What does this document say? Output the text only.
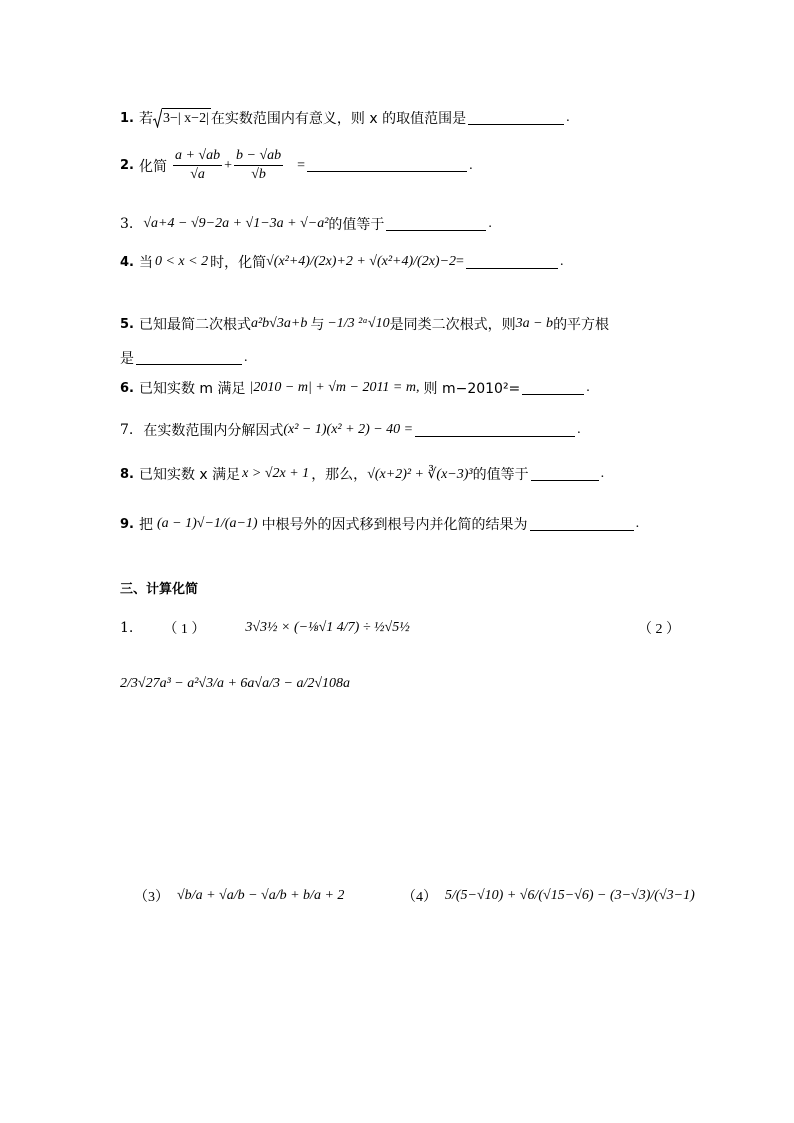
1. 若 3−| x−2| 在实数范围内有意义，则 x 的取值范围是	.
2. 化简 $\frac{a + √ab}{√a} + \frac{b - √ab}{√b}$ =	.
3. √a+4 − √9−2a + √1−3a + √−a² 的值等于	.
4. 当 0 < x < 2 时，化简 √(x²+4)/(2x)+2 + √(x²+4)/(2x)−2 =	.
5. 已知最简二次根式 a²b√3a+b 与 −1/3 ²ᵃ√10 是同类二次根式，则 3a − b 的平方根
是	.
6. 已知实数 m 满足 |2010 − m| + √m − 2011 = m, 则 m−2010²=	.
7. 在实数范围内分解因式 (x² − 1)(x² + 2) − 40 =	.
8. 已知实数 x 满足 x > √2x + 1 ，那么， √(x+2)² + ∛(x−3)³ 的值等于	.
9. 把 (a − 1)√−1/(a−1) 中根号外的因式移到根号内并化简的结果为	.
三、计算化简
1. （ 1 ）	3√3½ × (−⅛√1 4/7) ÷ ½√5½	（ 2 ）
2/3√27a³ − a²√3/a + 6a√a/3 − a/2√108a
（3） √b/a + √a/b − √a/b + b/a + 2	（4） 5/(5−√10) + √6/(√15−√6) − (3−√3)/(√3−1)
